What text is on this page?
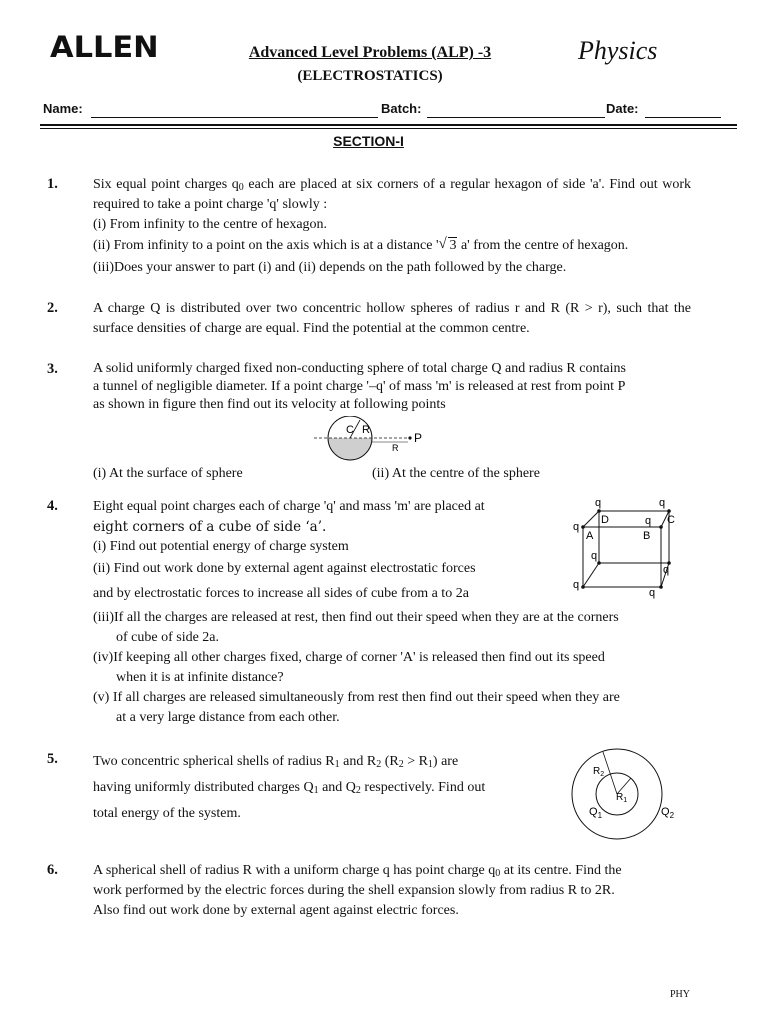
ALLEN	Advanced Level Problems (ALP) -3	Physics
(ELECTROSTATICS)
Name:	Batch:	Date:
SECTION-I
1.	Six equal point charges $q_0$ each are placed at six corners of a regular hexagon of side 'a'. Find out work required to take a point charge 'q' slowly :

(i) From infinity to the centre of hexagon.

(ii) From infinity to a point on the axis which is at a distance ' √ 3 a' from the centre of hexagon.

(iii)Does your answer to part (i) and (ii) depends on the path followed by the charge.

2.	A charge Q is distributed over two concentric hollow spheres of radius r and R (R > r), such that the surface densities of charge are equal. Find the potential at the common centre.
3.	A solid uniformly charged fixed non-conducting sphere of total charge Q and radius R contains

a tunnel of negligible diameter. If a point charge '–q' of mass 'm' is released at rest from point P

as shown in figure then find out its velocity at following points

C R
P
R
(i) At the surface of sphere	(ii) At the centre of the sphere
4.	Eight equal point charges each of charge 'q' and mass 'm' are placed at

eight corners of a cube of side ‘a’.

(i) Find out potential energy of charge system

(ii) Find out work done by external agent against electrostatic forces

and by electrostatic forces to increase all sides of cube from a to 2a

(iii)If all the charges are released at rest, then find out their speed when they are at the corners

of cube of side 2a.

(iv)If keeping all other charges fixed, charge of corner 'A' is released then find out its speed

when it is at infinite distance?

(v) If all charges are released simultaneously from rest then find out their speed when they are

at a very large distance from each other.

q	q
q	q
q
q
q
q
D	C
A	B
5.	Two concentric spherical shells of radius $R_1$ and $R_2$ $(R_2 > R_1)$ are

having uniformly distributed charges $Q_1$ and $Q_2$ respectively. Find out

total energy of the system.

$R_2$
$R_1$
$Q_1$	$Q_2$
6.	A spherical shell of radius R with a uniform charge q has point charge $q_0$ at its centre. Find the

work performed by the electric forces during the shell expansion slowly from radius R to 2R.

Also find out work done by external agent against electric forces.

PHY
